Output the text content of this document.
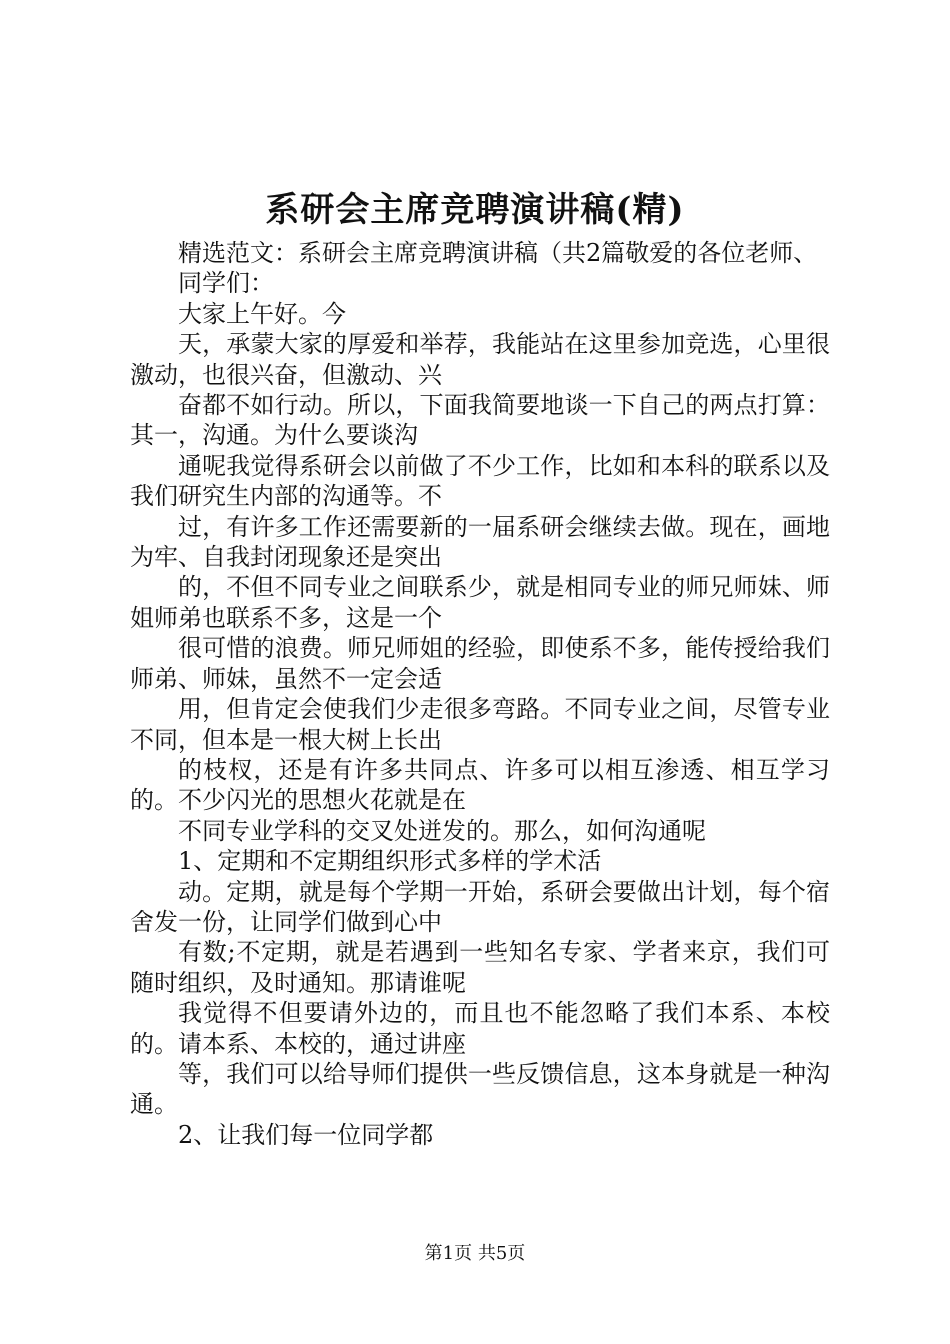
系研会主席竞聘演讲稿(精)

精选范文：系研会主席竞聘演讲稿（共2篇敬爱的各位老师、

同学们：

大家上午好。今

天，承蒙大家的厚爱和举荐，我能站在这里参加竞选，心里很激动，也很兴奋，但激动、兴

奋都不如行动。所以，下面我简要地谈一下自己的两点打算：其一，沟通。为什么要谈沟

通呢我觉得系研会以前做了不少工作，比如和本科的联系以及我们研究生内部的沟通等。不

过，有许多工作还需要新的一届系研会继续去做。现在，画地为牢、自我封闭现象还是突出

的，不但不同专业之间联系少，就是相同专业的师兄师妹、师姐师弟也联系不多，这是一个

很可惜的浪费。师兄师姐的经验，即使系不多，能传授给我们师弟、师妹，虽然不一定会适

用，但肯定会使我们少走很多弯路。不同专业之间，尽管专业不同，但本是一根大树上长出

的枝杈，还是有许多共同点、许多可以相互渗透、相互学习的。不少闪光的思想火花就是在

不同专业学科的交叉处迸发的。那么，如何沟通呢

1、定期和不定期组织形式多样的学术活

动。定期，就是每个学期一开始，系研会要做出计划，每个宿舍发一份，让同学们做到心中

有数;不定期，就是若遇到一些知名专家、学者来京，我们可随时组织，及时通知。那请谁呢

我觉得不但要请外边的，而且也不能忽略了我们本系、本校的。请本系、本校的，通过讲座

等，我们可以给导师们提供一些反馈信息，这本身就是一种沟通。

2、让我们每一位同学都

第1页 共5页
